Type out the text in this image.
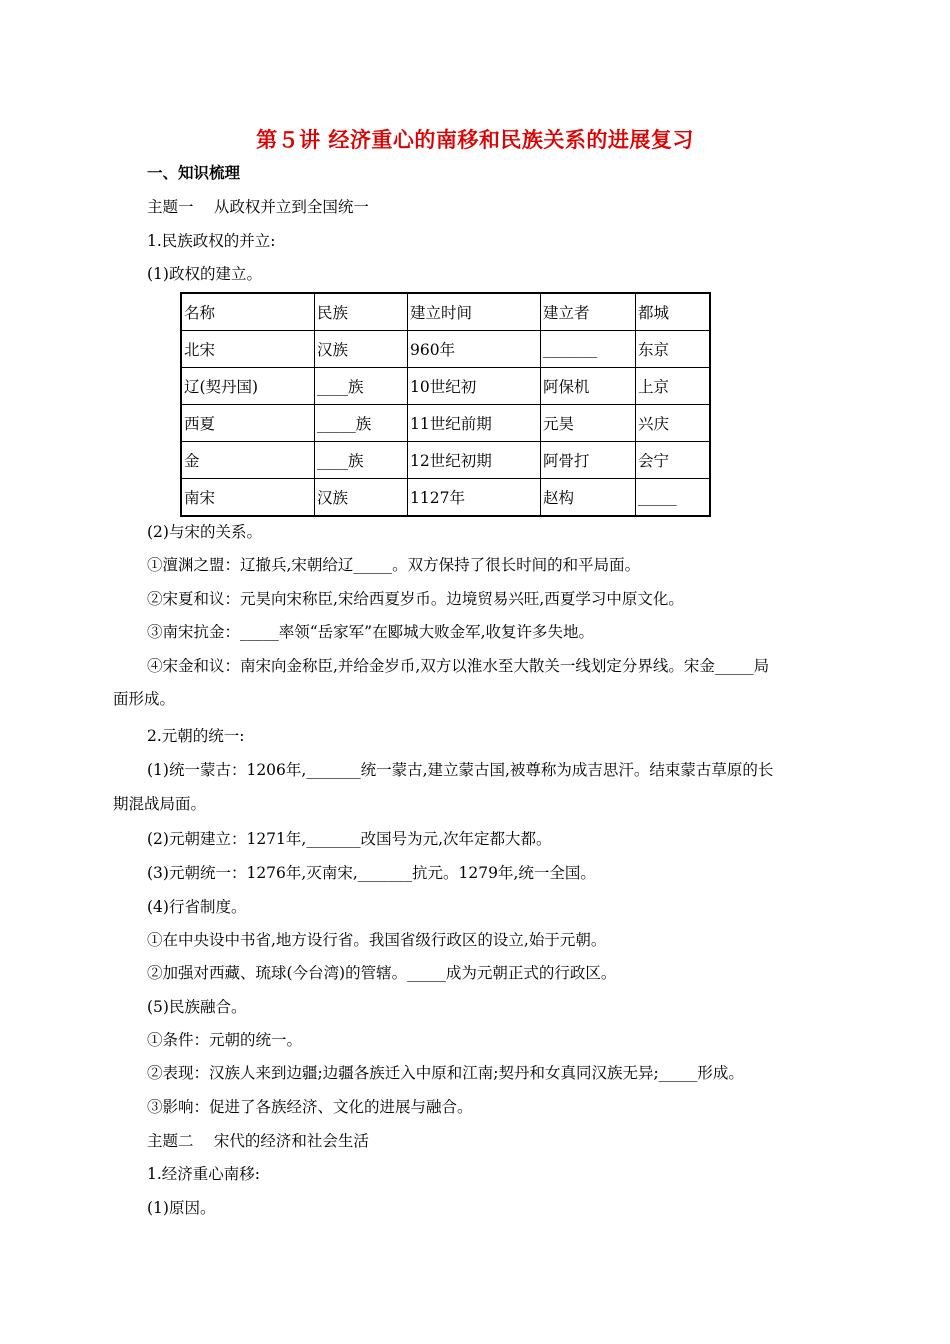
第５讲 经济重心的南移和民族关系的进展复习
一、知识梳理
主题一　 从政权并立到全国统一
1.民族政权的并立:
(1)政权的建立。
名称	民族	建立时间	建立者	都城
北宋	汉族	960年	_______	东京
辽(契丹国)	____族	10世纪初	阿保机	上京
西夏	_____族	11世纪前期	元昊	兴庆
金	____族	12世纪初期	阿骨打	会宁
南宋	汉族	1127年	赵构	_____
(2)与宋的关系。
①澶渊之盟：辽撤兵,宋朝给辽_____。双方保持了很长时间的和平局面。
②宋夏和议：元昊向宋称臣,宋给西夏岁币。边境贸易兴旺,西夏学习中原文化。
③南宋抗金：_____率领“岳家军”在郾城大败金军,收复许多失地。
④宋金和议：南宋向金称臣,并给金岁币,双方以淮水至大散关一线划定分界线。宋金_____局
面形成。
2.元朝的统一:
(1)统一蒙古：1206年,_______统一蒙古,建立蒙古国,被尊称为成吉思汗。结束蒙古草原的长
期混战局面。
(2)元朝建立：1271年,_______改国号为元,次年定都大都。
(3)元朝统一：1276年,灭南宋,_______抗元。1279年,统一全国。
(4)行省制度。
①在中央设中书省,地方设行省。我国省级行政区的设立,始于元朝。
②加强对西藏、琉球(今台湾)的管辖。_____成为元朝正式的行政区。
(5)民族融合。
①条件：元朝的统一。
②表现：汉族人来到边疆;边疆各族迁入中原和江南;契丹和女真同汉族无异;_____形成。
③影响：促进了各族经济、文化的进展与融合。
主题二　 宋代的经济和社会生活
1.经济重心南移:
(1)原因。
